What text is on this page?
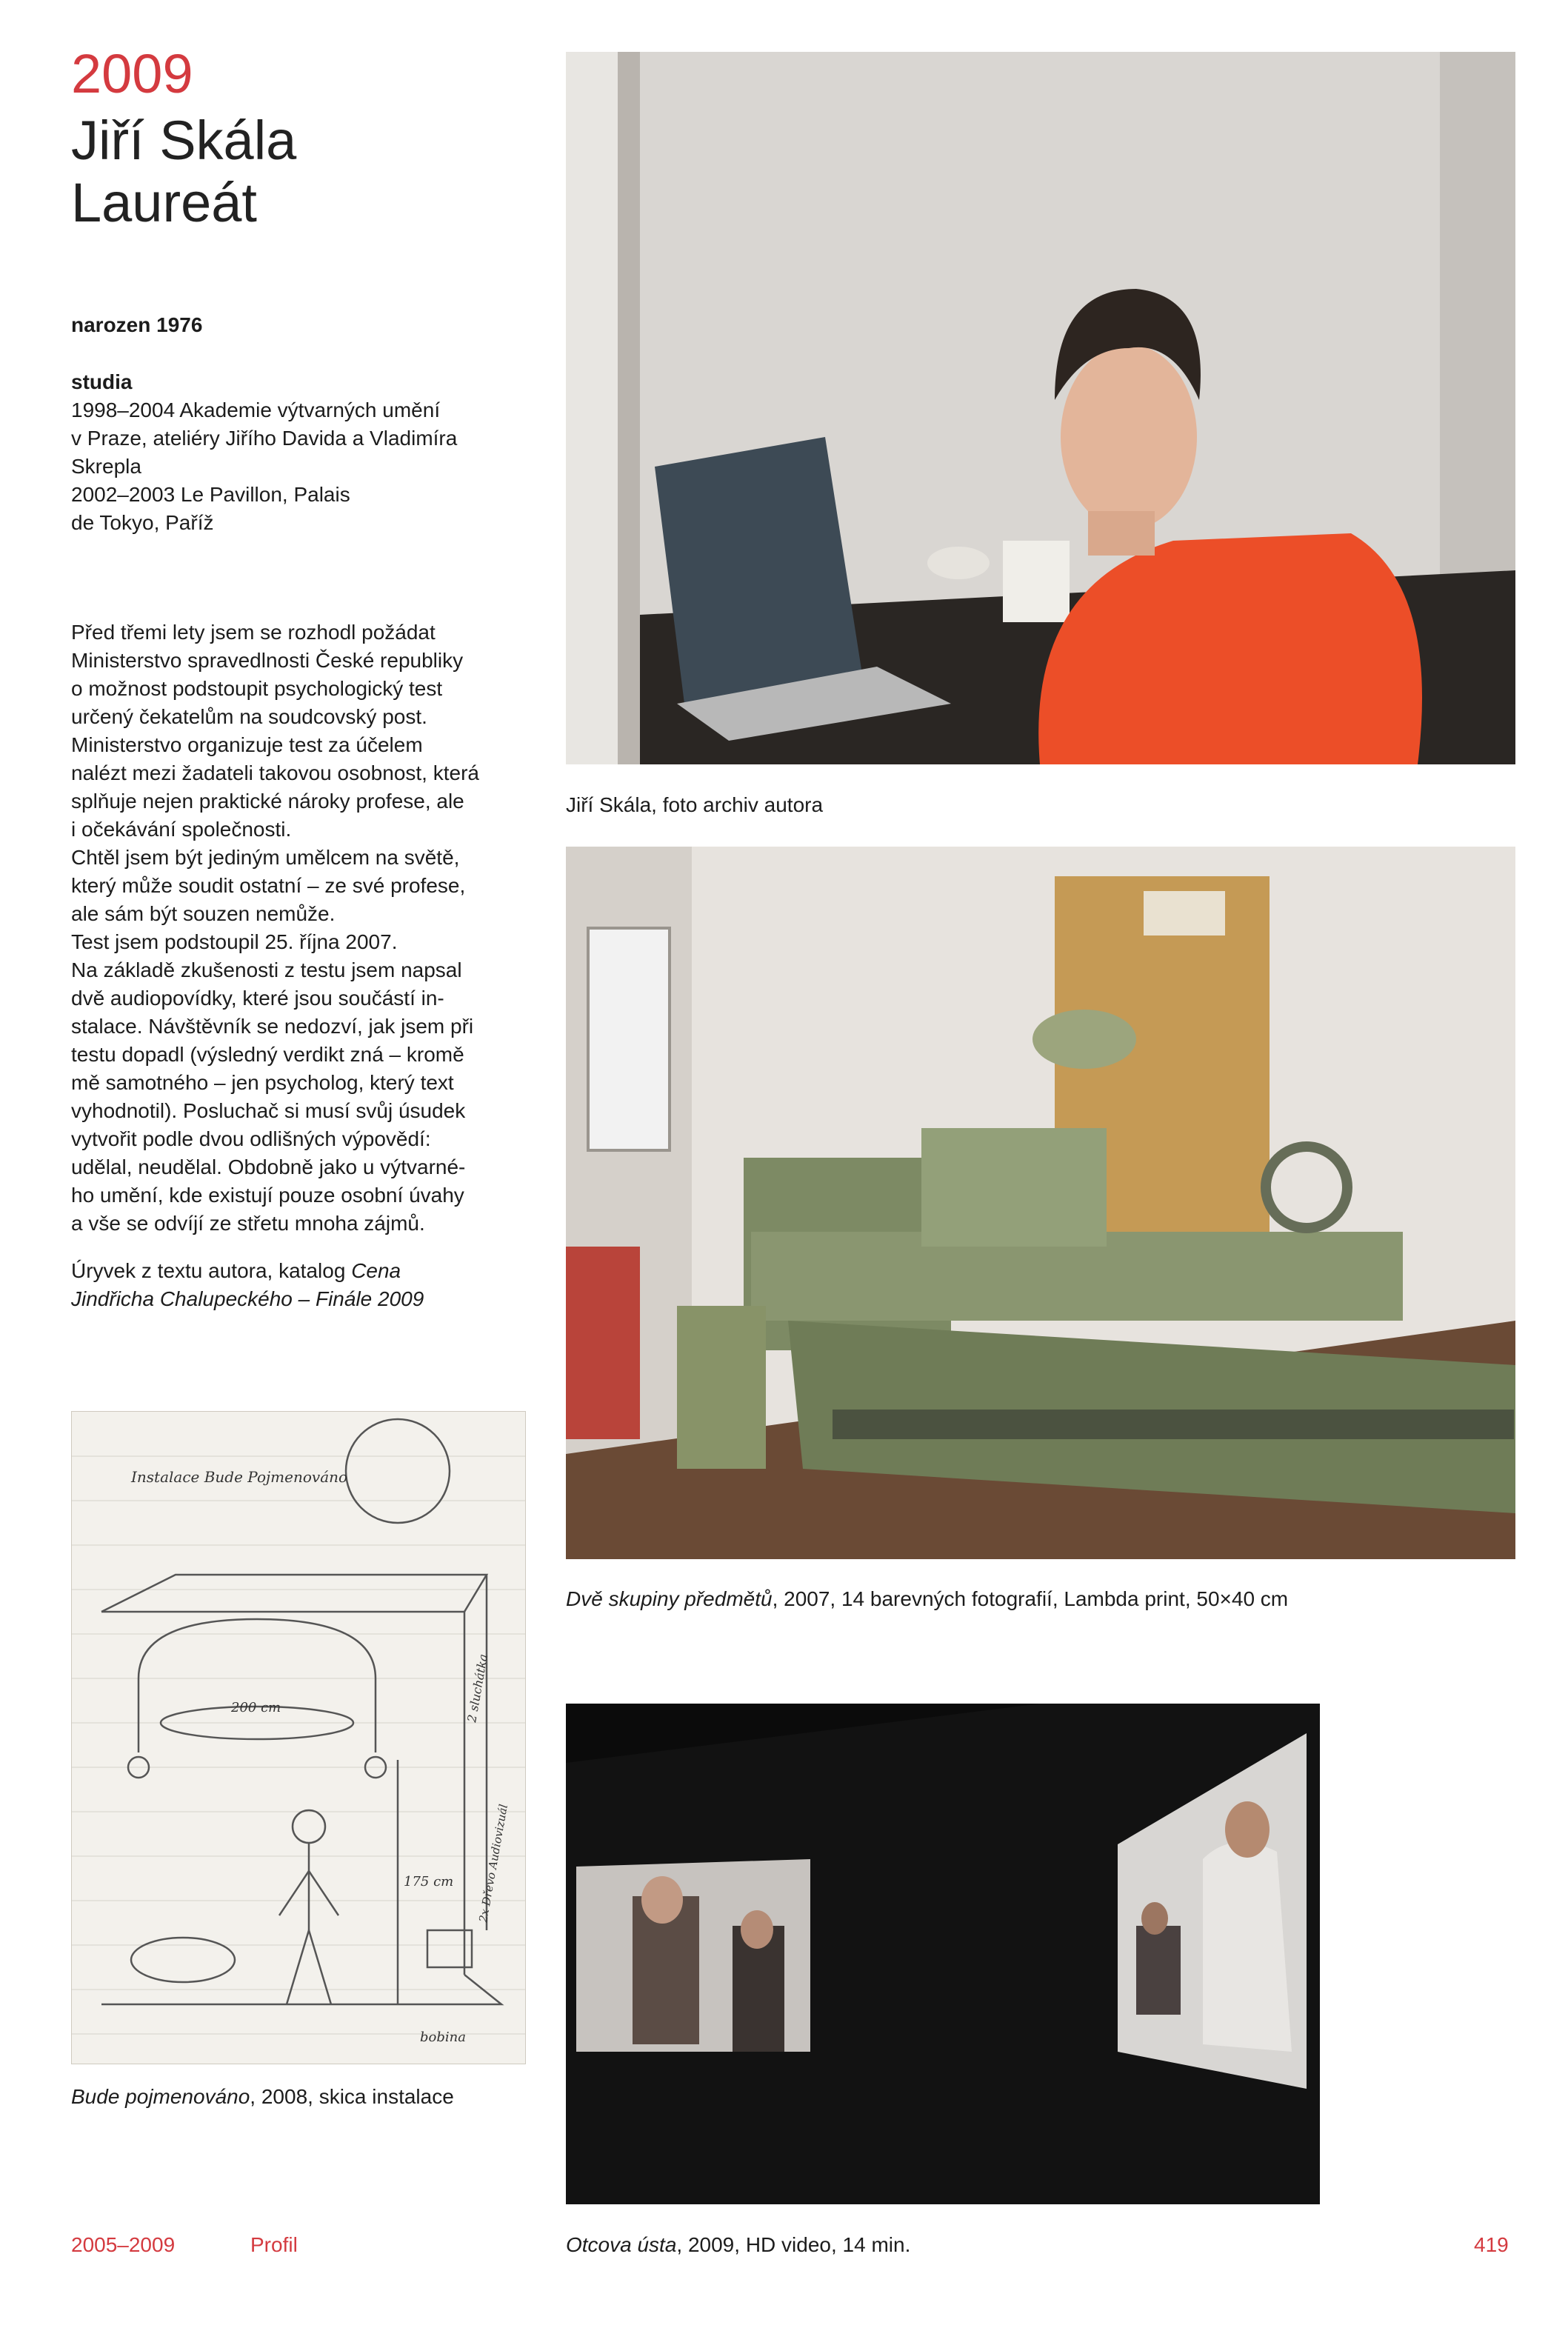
2009
Jiří Skála
Laureát
narozen 1976
studia
1998–2004 Akademie výtvarných umění
v Praze, ateliéry Jiřího Davida a Vladimíra
Skrepla
2002–2003 Le Pavillon, Palais
de Tokyo, Paříž
Před třemi lety jsem se rozhodl požádat
Ministerstvo spravedlnosti České republiky
o možnost podstoupit psychologický test
určený čekatelům na soudcovský post.
Ministerstvo organizuje test za účelem
nalézt mezi žadateli takovou osobnost, která
splňuje nejen praktické nároky profese, ale
i očekávání společnosti.
Chtěl jsem být jediným umělcem na světě,
který může soudit ostatní – ze své profese,
ale sám být souzen nemůže.
Test jsem podstoupil 25. října 2007.
Na základě zkušenosti z testu jsem napsal
dvě audiopovídky, které jsou součástí in-
stalace. Návštěvník se nedozví, jak jsem při
testu dopadl (výsledný verdikt zná – kromě
mě samotného – jen psycholog, který text
vyhodnotil). Posluchač si musí svůj úsudek
vytvořit podle dvou odlišných výpovědí:
udělal, neudělal. Obdobně jako u výtvarné-
ho umění, kde existují pouze osobní úvahy
a vše se odvíjí ze střetu mnoha zájmů.
Úryvek z textu autora, katalog Cena
Jindřicha Chalupeckého – Finále 2009
Jiří Skála, foto archiv autora
Dvě skupiny předmětů, 2007, 14 barevných fotografií, Lambda print, 50×40 cm
Instalace Bude Pojmenováno
200 cm
175 cm
2 sluchátka
2x Dřevo Audiovizuál
bobina
Bude pojmenováno, 2008, skica instalace
Otcova ústa, 2009, HD video, 14 min.
2005–2009	Profil	419
